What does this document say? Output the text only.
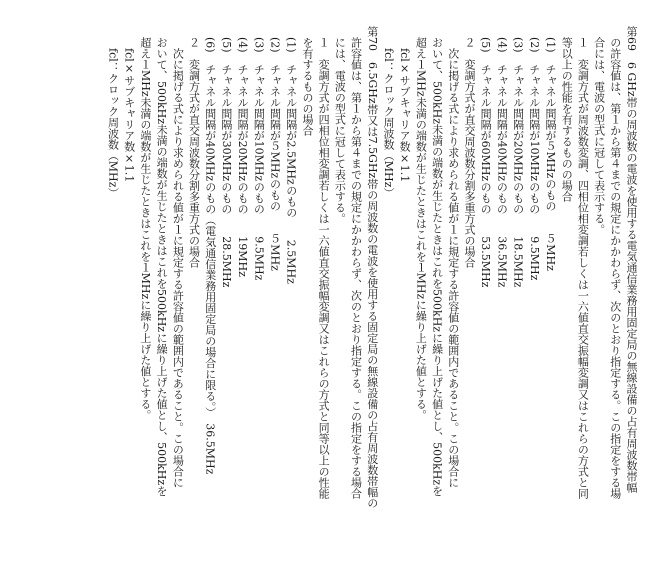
第69　6 GHz帯の周波数の電波を使用する電気通信業務用固定局の無線設備の占有周波数帯幅
の許容値は、第１から第４までの規定にかかわらず、次のとおり指定する。この指定をする場
合には、電波の型式に冠して表示する。
１　変調方式が周波数変調、四相位相変調若しくは一六値直交振幅変調又はこれらの方式と同
等以上の性能を有するものの場合
(1)　チャネル間隔が５MHzのもの　　５MHz
(2)　チャネル間隔が10MHzのもの　　9.5MHz
(3)　チャネル間隔が20MHzのもの　　18.5MHz
(4)　チャネル間隔が40MHzのもの　　36.5MHz
(5)　チャネル間隔が60MHzのもの　　53.5MHz
２　変調方式が直交周波数分割多重方式の場合
次に掲げる式により求められる値が１に規定する許容値の範囲内であること。この場合に
おいて、500kHz未満の端数が生じたときはこれを500kHzに繰り上げた値とし、500kHzを
超え１MHz未満の端数が生じたときはこれを１MHzに繰り上げた値とする。
fcl×サブキャリア数×1.1
fcl：クロック周波数（MHz）
第70　6.5GHz帯又は7.5GHz帯の周波数の電波を使用する固定局の無線設備の占有周波数帯幅の
許容値は、第１から第４までの規定にかかわらず、次のとおり指定する。この指定をする場合
には、電波の型式に冠して表示する。
１　変調方式が四相位相変調若しくは一六値直交振幅変調又はこれらの方式と同等以上の性能
を有するものの場合
(1)　チャネル間隔が2.5MHzのもの　　2.5MHz
(2)　チャネル間隔が５MHzのもの　　５MHz
(3)　チャネル間隔が10MHzのもの　　9.5MHz
(4)　チャネル間隔が20MHzのもの　　19MHz
(5)　チャネル間隔が30MHzのもの　　28.5MHz
(6)　チャネル間隔が40MHzのもの（電気通信業務用固定局の場合に限る。）　36.5MHz
２　変調方式が直交周波数分割多重方式の場合
次に掲げる式により求められる値が１に規定する許容値の範囲内であること。この場合に
おいて、500kHz未満の端数が生じたときはこれを500kHzに繰り上げた値とし、500kHzを
超え１MHz未満の端数が生じたときはこれを１MHzに繰り上げた値とする。
fcl×サブキャリア数×1.1
fcl：クロック周波数（MHz）
